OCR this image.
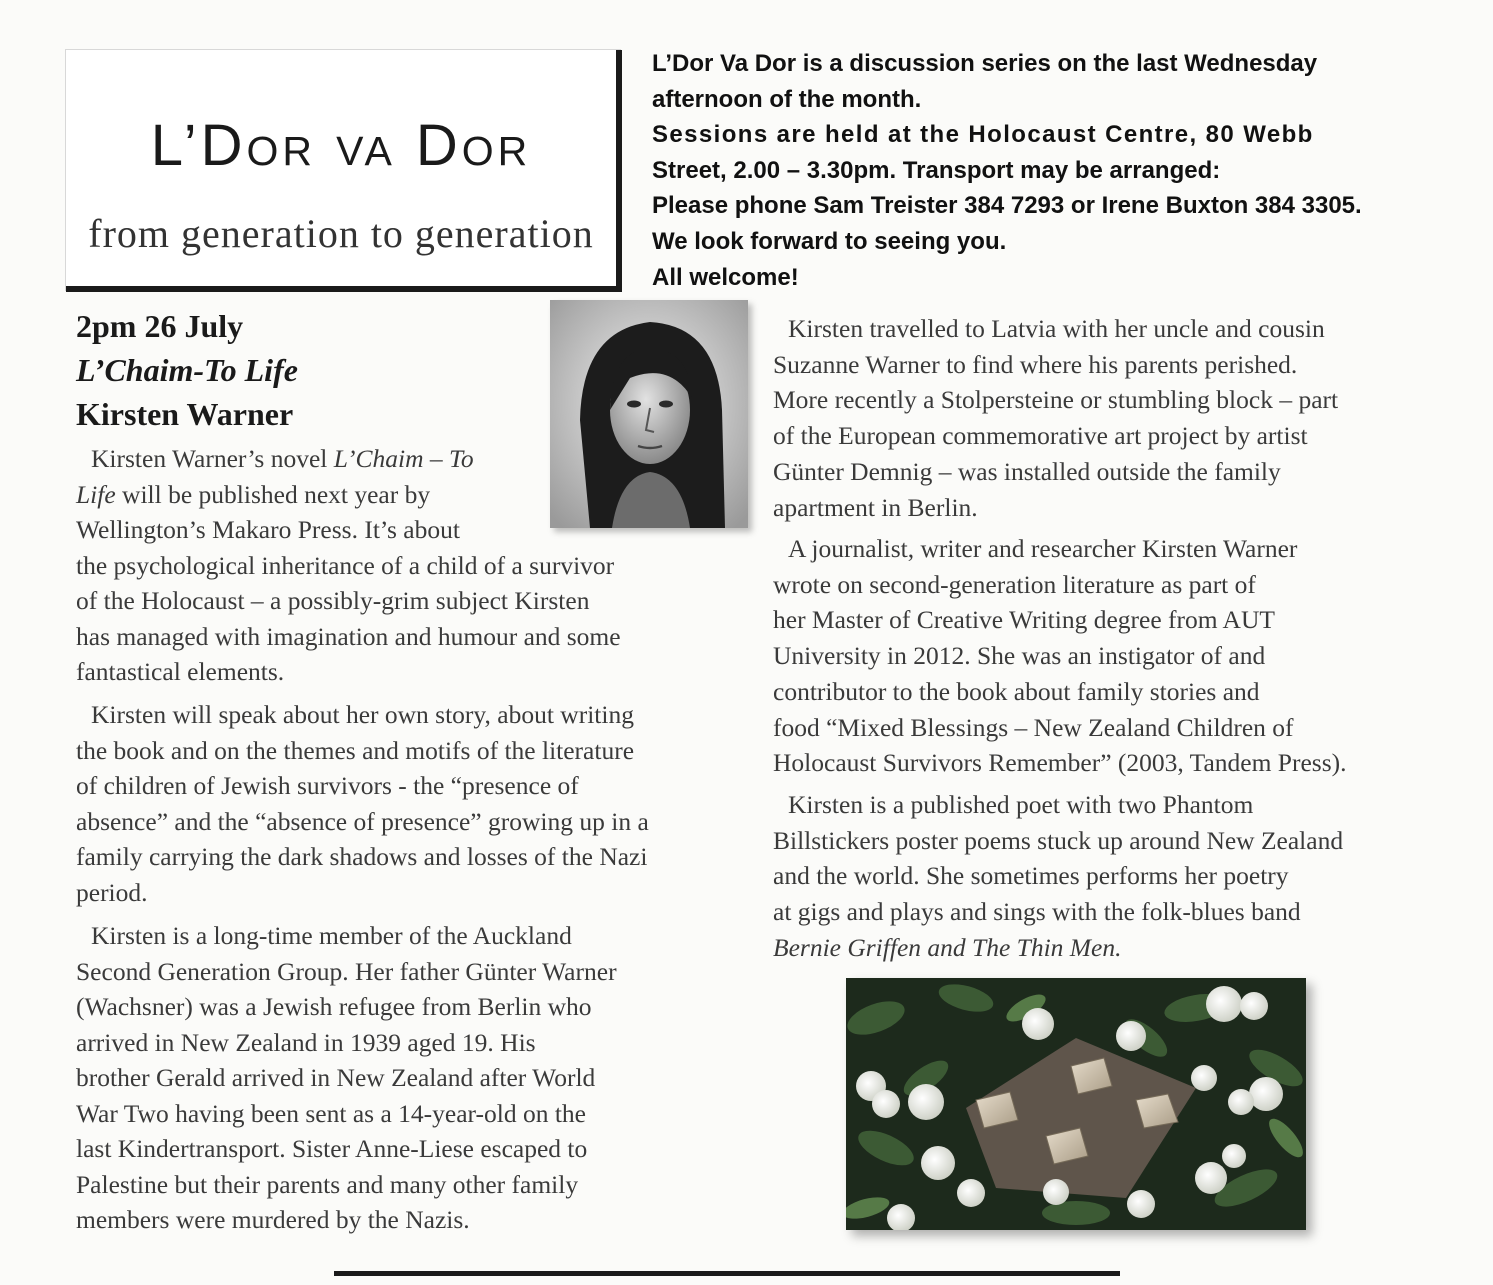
L’Dor va Dor
from generation to generation
L’Dor Va Dor is a discussion series on the last Wednesday
afternoon of the month.
Sessions are held at the Holocaust Centre, 80 Webb
Street, 2.00 – 3.30pm. Transport may be arranged:
Please phone Sam Treister 384 7293 or Irene Buxton 384 3305.
We look forward to seeing you.
All welcome!
2pm 26 July
L’Chaim-To Life
Kirsten Warner
Kirsten Warner’s novel L’Chaim – To
Life will be published next year by
Wellington’s Makaro Press. It’s about
the psychological inheritance of a child of a survivor
of the Holocaust – a possibly-grim subject Kirsten
has managed with imagination and humour and some
fantastical elements.
Kirsten will speak about her own story, about writing
the book and on the themes and motifs of the literature
of children of Jewish survivors - the “presence of
absence” and the “absence of presence” growing up in a
family carrying the dark shadows and losses of the Nazi
period.
Kirsten is a long-time member of the Auckland
Second Generation Group. Her father Günter Warner
(Wachsner) was a Jewish refugee from Berlin who
arrived in New Zealand in 1939 aged 19. His
brother Gerald arrived in New Zealand after World
War Two having been sent as a 14-year-old on the
last Kindertransport. Sister Anne-Liese escaped to
Palestine but their parents and many other family
members were murdered by the Nazis.
Kirsten travelled to Latvia with her uncle and cousin
Suzanne Warner to find where his parents perished.
More recently a Stolpersteine or stumbling block – part
of the European commemorative art project by artist
Günter Demnig – was installed outside the family
apartment in Berlin.
A journalist, writer and researcher Kirsten Warner
wrote on second-generation literature as part of
her Master of Creative Writing degree from AUT
University in 2012. She was an instigator of and
contributor to the book about family stories and
food “Mixed Blessings – New Zealand Children of
Holocaust Survivors Remember” (2003, Tandem Press).
Kirsten is a published poet with two Phantom
Billstickers poster poems stuck up around New Zealand
and the world. She sometimes performs her poetry
at gigs and plays and sings with the folk-blues band
Bernie Griffen and The Thin Men.
